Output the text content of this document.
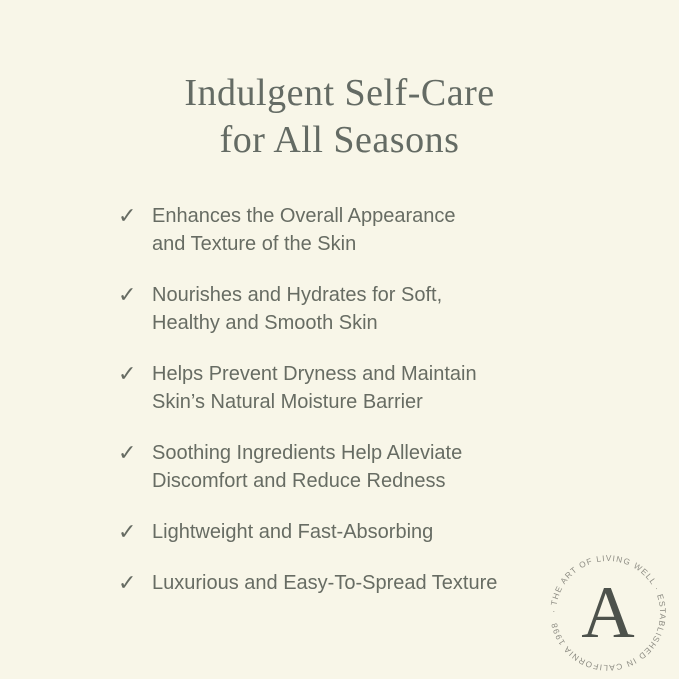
Indulgent Self-Care
for All Seasons
✓ Enhances the Overall Appearance
and Texture of the Skin
✓ Nourishes and Hydrates for Soft,
Healthy and Smooth Skin
✓ Helps Prevent Dryness and Maintain
Skin’s Natural Moisture Barrier
✓ Soothing Ingredients Help Alleviate
Discomfort and Reduce Redness
✓ Lightweight and Fast-Absorbing
✓ Luxurious and Easy-To-Spread Texture
· THE ART OF LIVING WELL · ESTABLISHED IN CALIFORNIA 1998 A
